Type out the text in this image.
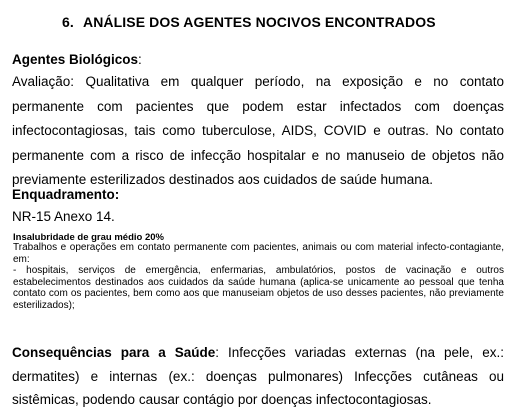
6. ANÁLISE DOS AGENTES NOCIVOS ENCONTRADOS
Agentes Biológicos:
Avaliação: Qualitativa em qualquer período, na exposição e no contato permanente com pacientes que podem estar infectados com doenças infectocontagiosas, tais como tuberculose, AIDS, COVID e outras. No contato permanente com a risco de infecção hospitalar e no manuseio de objetos não previamente esterilizados destinados aos cuidados de saúde humana.
Enquadramento:
NR-15 Anexo 14.
Insalubridade de grau médio 20%
Trabalhos e operações em contato permanente com pacientes, animais ou com material infecto-contagiante, em:
- hospitais, serviços de emergência, enfermarias, ambulatórios, postos de vacinação e outros estabelecimentos destinados aos cuidados da saúde humana (aplica-se unicamente ao pessoal que tenha contato com os pacientes, bem como aos que manuseiam objetos de uso desses pacientes, não previamente esterilizados);
Consequências para a Saúde: Infecções variadas externas (na pele, ex.: dermatites) e internas (ex.: doenças pulmonares) Infecções cutâneas ou sistêmicas, podendo causar contágio por doenças infectocontagiosas.
